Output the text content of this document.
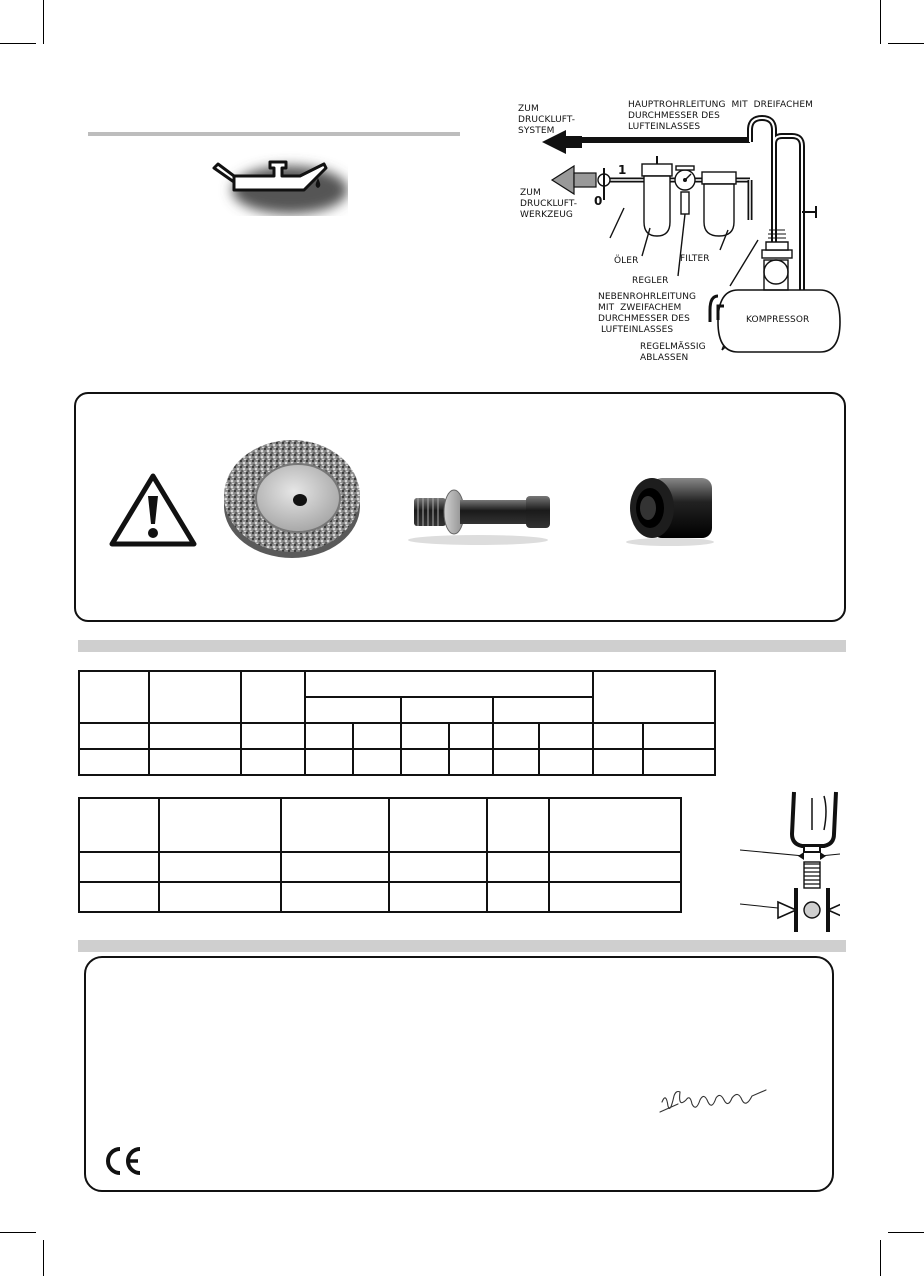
ZUM
DRUCKLUFT-
SYSTEM
HAUPTROHRLEITUNG  MIT  DREIFACHEM
DURCHMESSER DES
LUFTEINLASSES
ZUM
DRUCKLUFT-
WERKZEUG
1
0
ÖLER
REGLER
FILTER
NEBENROHRLEITUNG
MIT  ZWEIFACHEM
DURCHMESSER DES
LUFTEINLASSES
REGELMÄSSIG
ABLASSEN
KOMPRESSOR
